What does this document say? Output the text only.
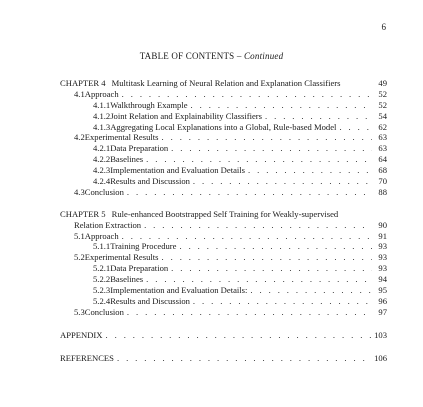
6
TABLE OF CONTENTS – Continued
CHAPTER 4 Multitask Learning of Neural Relation and Explanation Classifiers	49
4.1 Approach . . .	52
4.1.1 Walkthrough Example . . .	52
4.1.2 Joint Relation and Explainability Classifiers . . .	54
4.1.3 Aggregating Local Explanations into a Global, Rule-based Model . . .	62
4.2 Experimental Results . . .	63
4.2.1 Data Preparation . . .	63
4.2.2 Baselines . . .	64
4.2.3 Implementation and Evaluation Details . . .	68
4.2.4 Results and Discussion . . .	70
4.3 Conclusion . . .	88
CHAPTER 5 Rule-enhanced Bootstrapped Self Training for Weakly-supervised
Relation Extraction . . .	90
5.1 Approach . . .	91
5.1.1 Training Procedure . . .	93
5.2 Experimental Results . . .	93
5.2.1 Data Preparation . . .	93
5.2.2 Baselines . . .	94
5.2.3 Implementation and Evaluation Details: . . .	95
5.2.4 Results and Discussion . . .	96
5.3 Conclusion . . .	97
APPENDIX . . .	103
REFERENCES . . .	106
